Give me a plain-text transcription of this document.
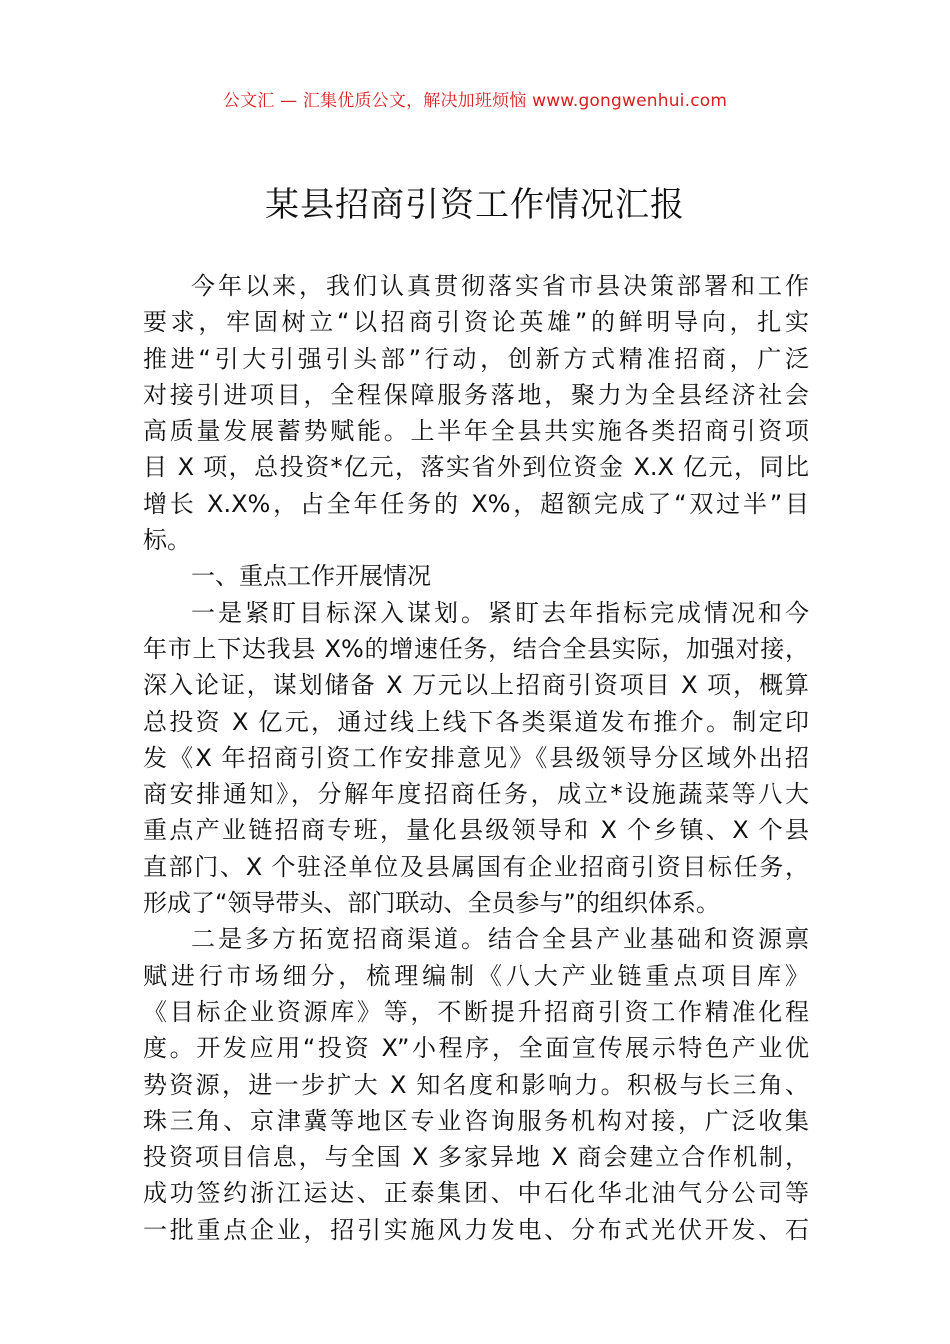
公文汇 — 汇集优质公文，解决加班烦恼 www.gongwenhui.com
某县招商引资工作情况汇报
今年以来，我们认真贯彻落实省市县决策部署和工作
要求，牢固树立“以招商引资论英雄”的鲜明导向，扎实
推进“引大引强引头部”行动，创新方式精准招商，广泛
对接引进项目，全程保障服务落地，聚力为全县经济社会
高质量发展蓄势赋能。上半年全县共实施各类招商引资项
目 X 项，总投资*亿元，落实省外到位资金 X.X 亿元，同比
增长 X.X%，占全年任务的 X%，超额完成了“双过半”目
标。
一、重点工作开展情况
一是紧盯目标深入谋划。紧盯去年指标完成情况和今
年市上下达我县 X%的增速任务，结合全县实际，加强对接，
深入论证，谋划储备 X 万元以上招商引资项目 X 项，概算
总投资 X 亿元，通过线上线下各类渠道发布推介。制定印
发《X 年招商引资工作安排意见》《县级领导分区域外出招
商安排通知》，分解年度招商任务，成立*设施蔬菜等八大
重点产业链招商专班，量化县级领导和 X 个乡镇、X 个县
直部门、X 个驻泾单位及县属国有企业招商引资目标任务，
形成了“领导带头、部门联动、全员参与”的组织体系。
二是多方拓宽招商渠道。结合全县产业基础和资源禀
赋进行市场细分，梳理编制《八大产业链重点项目库》
《目标企业资源库》等，不断提升招商引资工作精准化程
度。开发应用“投资 X”小程序，全面宣传展示特色产业优
势资源，进一步扩大 X 知名度和影响力。积极与长三角、
珠三角、京津冀等地区专业咨询服务机构对接，广泛收集
投资项目信息，与全国 X 多家异地 X 商会建立合作机制，
成功签约浙江运达、正泰集团、中石化华北油气分公司等
一批重点企业，招引实施风力发电、分布式光伏开发、石
